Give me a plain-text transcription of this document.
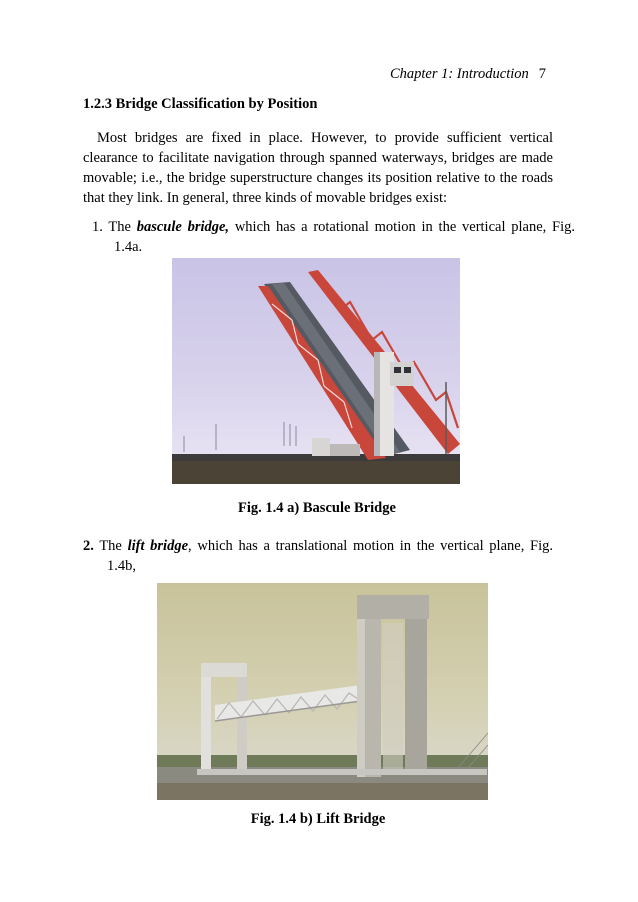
Chapter 1: Introduction 7
1.2.3 Bridge Classification by Position
Most bridges are fixed in place. However, to provide sufficient vertical clearance to facilitate navigation through spanned waterways, bridges are made movable; i.e., the bridge superstructure changes its position relative to the roads that they link. In general, three kinds of movable bridges exist:
1. The bascule bridge, which has a rotational motion in the vertical plane, Fig. 1.4a.
Fig. 1.4 a) Bascule Bridge
2. The lift bridge, which has a translational motion in the vertical plane, Fig. 1.4b,
Fig. 1.4 b) Lift Bridge
